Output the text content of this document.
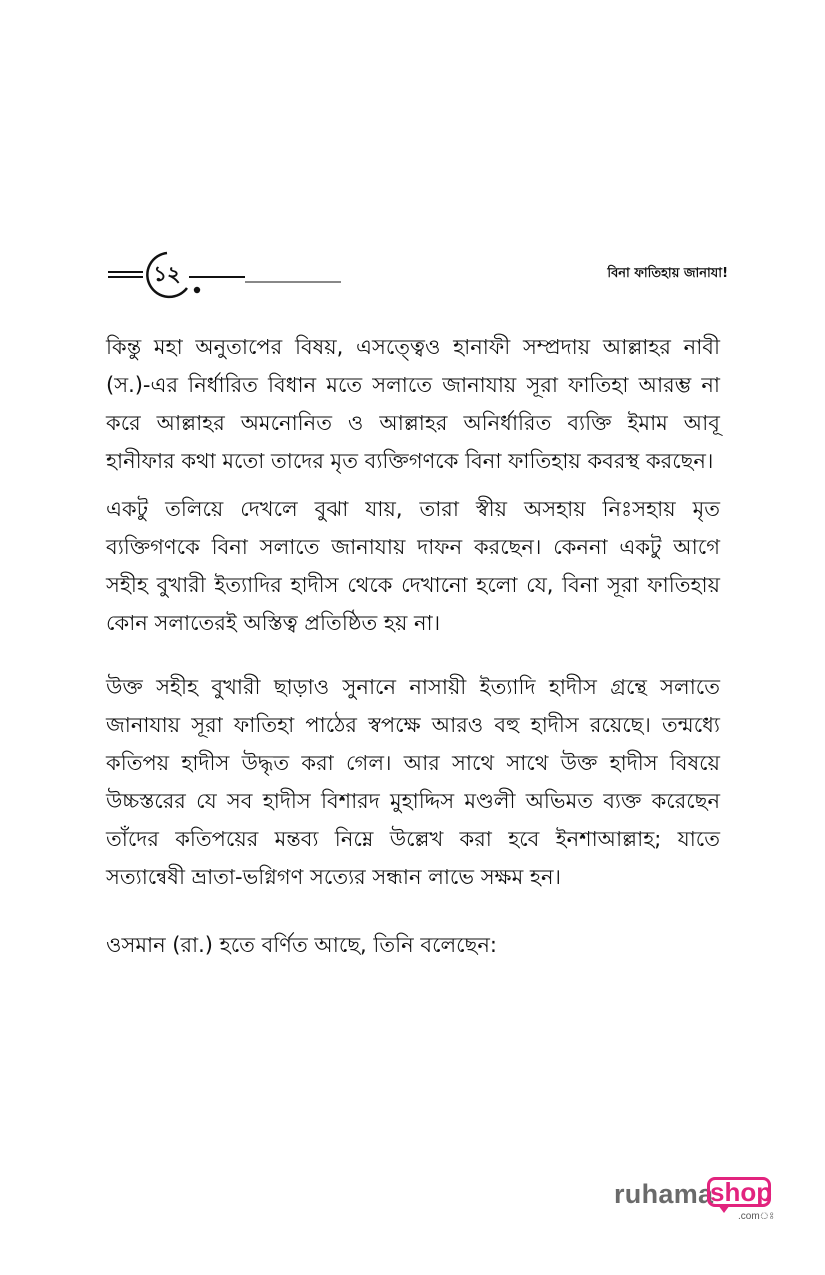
১২	বিনা ফাতিহায় জানাযা!

কিন্তু মহা অনুতাপের বিষয়, এসত্ত্বেও হানাফী সম্প্রদায় আল্লাহর নাবী (স.)-এর নির্ধারিত বিধান মতে সলাতে জানাযায় সূরা ফাতিহা আরম্ভ না করে আল্লাহর অমনোনিত ও আল্লাহর অনির্ধারিত ব্যক্তি ইমাম আবূ হানীফার কথা মতো তাদের মৃত ব্যক্তিগণকে বিনা ফাতিহায় কবরস্থ করছেন।

একটু তলিয়ে দেখলে বুঝা যায়, তারা স্বীয় অসহায় নিঃসহায় মৃত ব্যক্তিগণকে বিনা সলাতে জানাযায় দাফন করছেন। কেননা একটু আগে সহীহ বুখারী ইত্যাদির হাদীস থেকে দেখানো হলো যে, বিনা সূরা ফাতিহায় কোন সলাতেরই অস্তিত্ব প্রতিষ্ঠিত হয় না।

উক্ত সহীহ বুখারী ছাড়াও সুনানে নাসায়ী ইত্যাদি হাদীস গ্রন্থে সলাতে জানাযায় সূরা ফাতিহা পাঠের স্বপক্ষে আরও বহু হাদীস রয়েছে। তন্মধ্যে কতিপয় হাদীস উদ্ধৃত করা গেল। আর সাথে সাথে উক্ত হাদীস বিষয়ে উচ্চস্তরের যে সব হাদীস বিশারদ মুহাদ্দিস মণ্ডলী অভিমত ব্যক্ত করেছেন তাঁদের কতিপয়ের মন্তব্য নিম্নে উল্লেখ করা হবে ইনশাআল্লাহ; যাতে সত্যান্বেষী ভ্রাতা-ভগ্নিগণ সত্যের সন্ধান লাভে সক্ষম হন।

ওসমান (রা.) হতে বর্ণিত আছে, তিনি বলেছেন:

ruhama
shop
.comঃ
